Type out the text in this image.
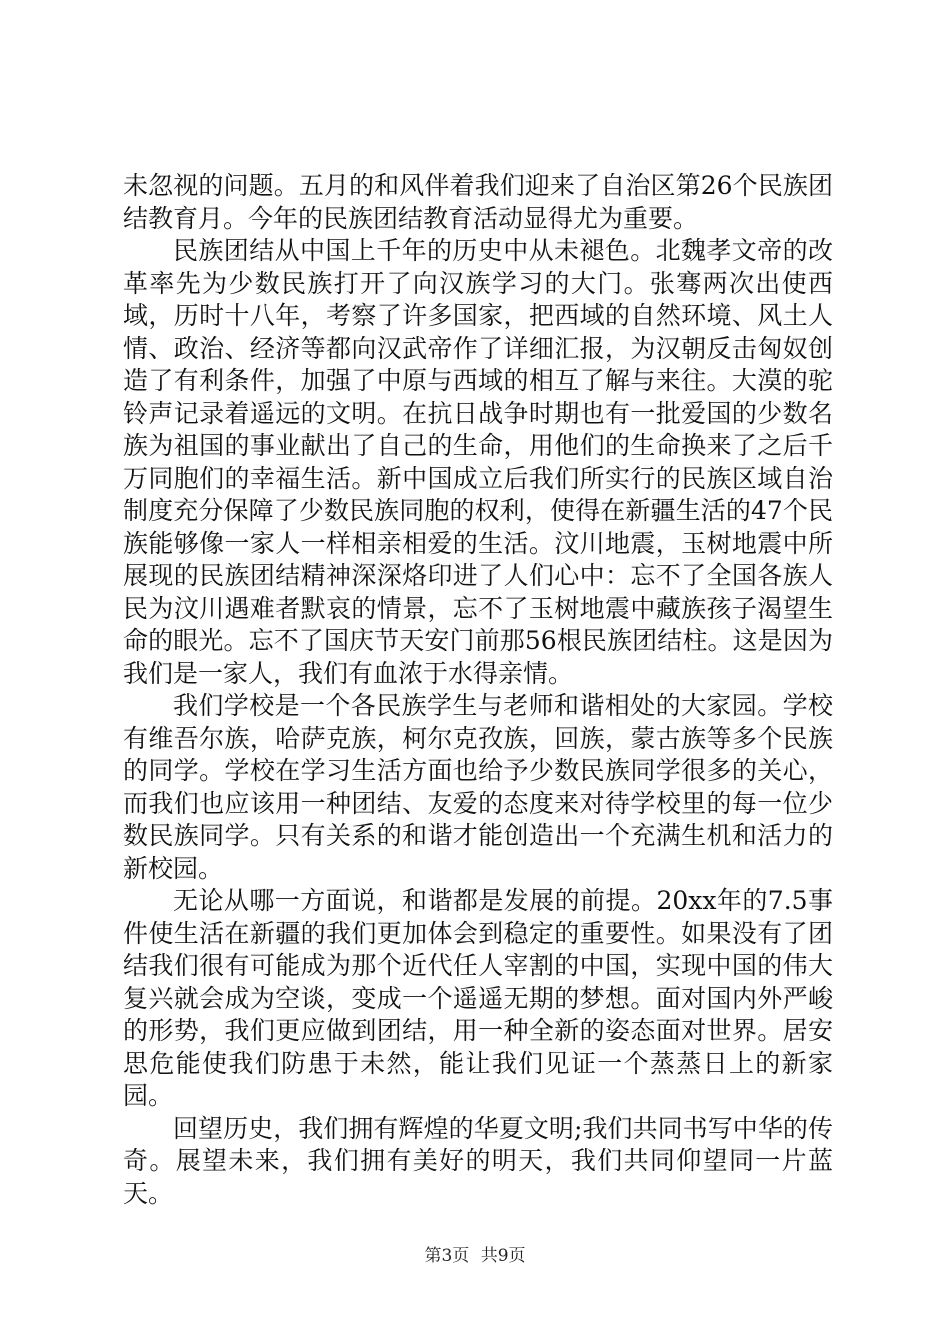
未忽视的问题。五月的和风伴着我们迎来了自治区第26个民族团结教育月。今年的民族团结教育活动显得尤为重要。

民族团结从中国上千年的历史中从未褪色。北魏孝文帝的改革率先为少数民族打开了向汉族学习的大门。张骞两次出使西域，历时十八年，考察了许多国家，把西域的自然环境、风土人情、政治、经济等都向汉武帝作了详细汇报，为汉朝反击匈奴创造了有利条件，加强了中原与西域的相互了解与来往。大漠的驼铃声记录着遥远的文明。在抗日战争时期也有一批爱国的少数名族为祖国的事业献出了自己的生命，用他们的生命换来了之后千万同胞们的幸福生活。新中国成立后我们所实行的民族区域自治制度充分保障了少数民族同胞的权利，使得在新疆生活的47个民族能够像一家人一样相亲相爱的生活。汶川地震，玉树地震中所展现的民族团结精神深深烙印进了人们心中：忘不了全国各族人民为汶川遇难者默哀的情景，忘不了玉树地震中藏族孩子渴望生命的眼光。忘不了国庆节天安门前那56根民族团结柱。这是因为我们是一家人，我们有血浓于水得亲情。

我们学校是一个各民族学生与老师和谐相处的大家园。学校有维吾尔族，哈萨克族，柯尔克孜族，回族，蒙古族等多个民族的同学。学校在学习生活方面也给予少数民族同学很多的关心，而我们也应该用一种团结、友爱的态度来对待学校里的每一位少数民族同学。只有关系的和谐才能创造出一个充满生机和活力的新校园。

无论从哪一方面说，和谐都是发展的前提。20xx年的7.5事件使生活在新疆的我们更加体会到稳定的重要性。如果没有了团结我们很有可能成为那个近代任人宰割的中国，实现中国的伟大复兴就会成为空谈，变成一个遥遥无期的梦想。面对国内外严峻的形势，我们更应做到团结，用一种全新的姿态面对世界。居安思危能使我们防患于未然，能让我们见证一个蒸蒸日上的新家园。

回望历史，我们拥有辉煌的华夏文明;我们共同书写中华的传奇。展望未来，我们拥有美好的明天，我们共同仰望同一片蓝天。

第3页 共9页
